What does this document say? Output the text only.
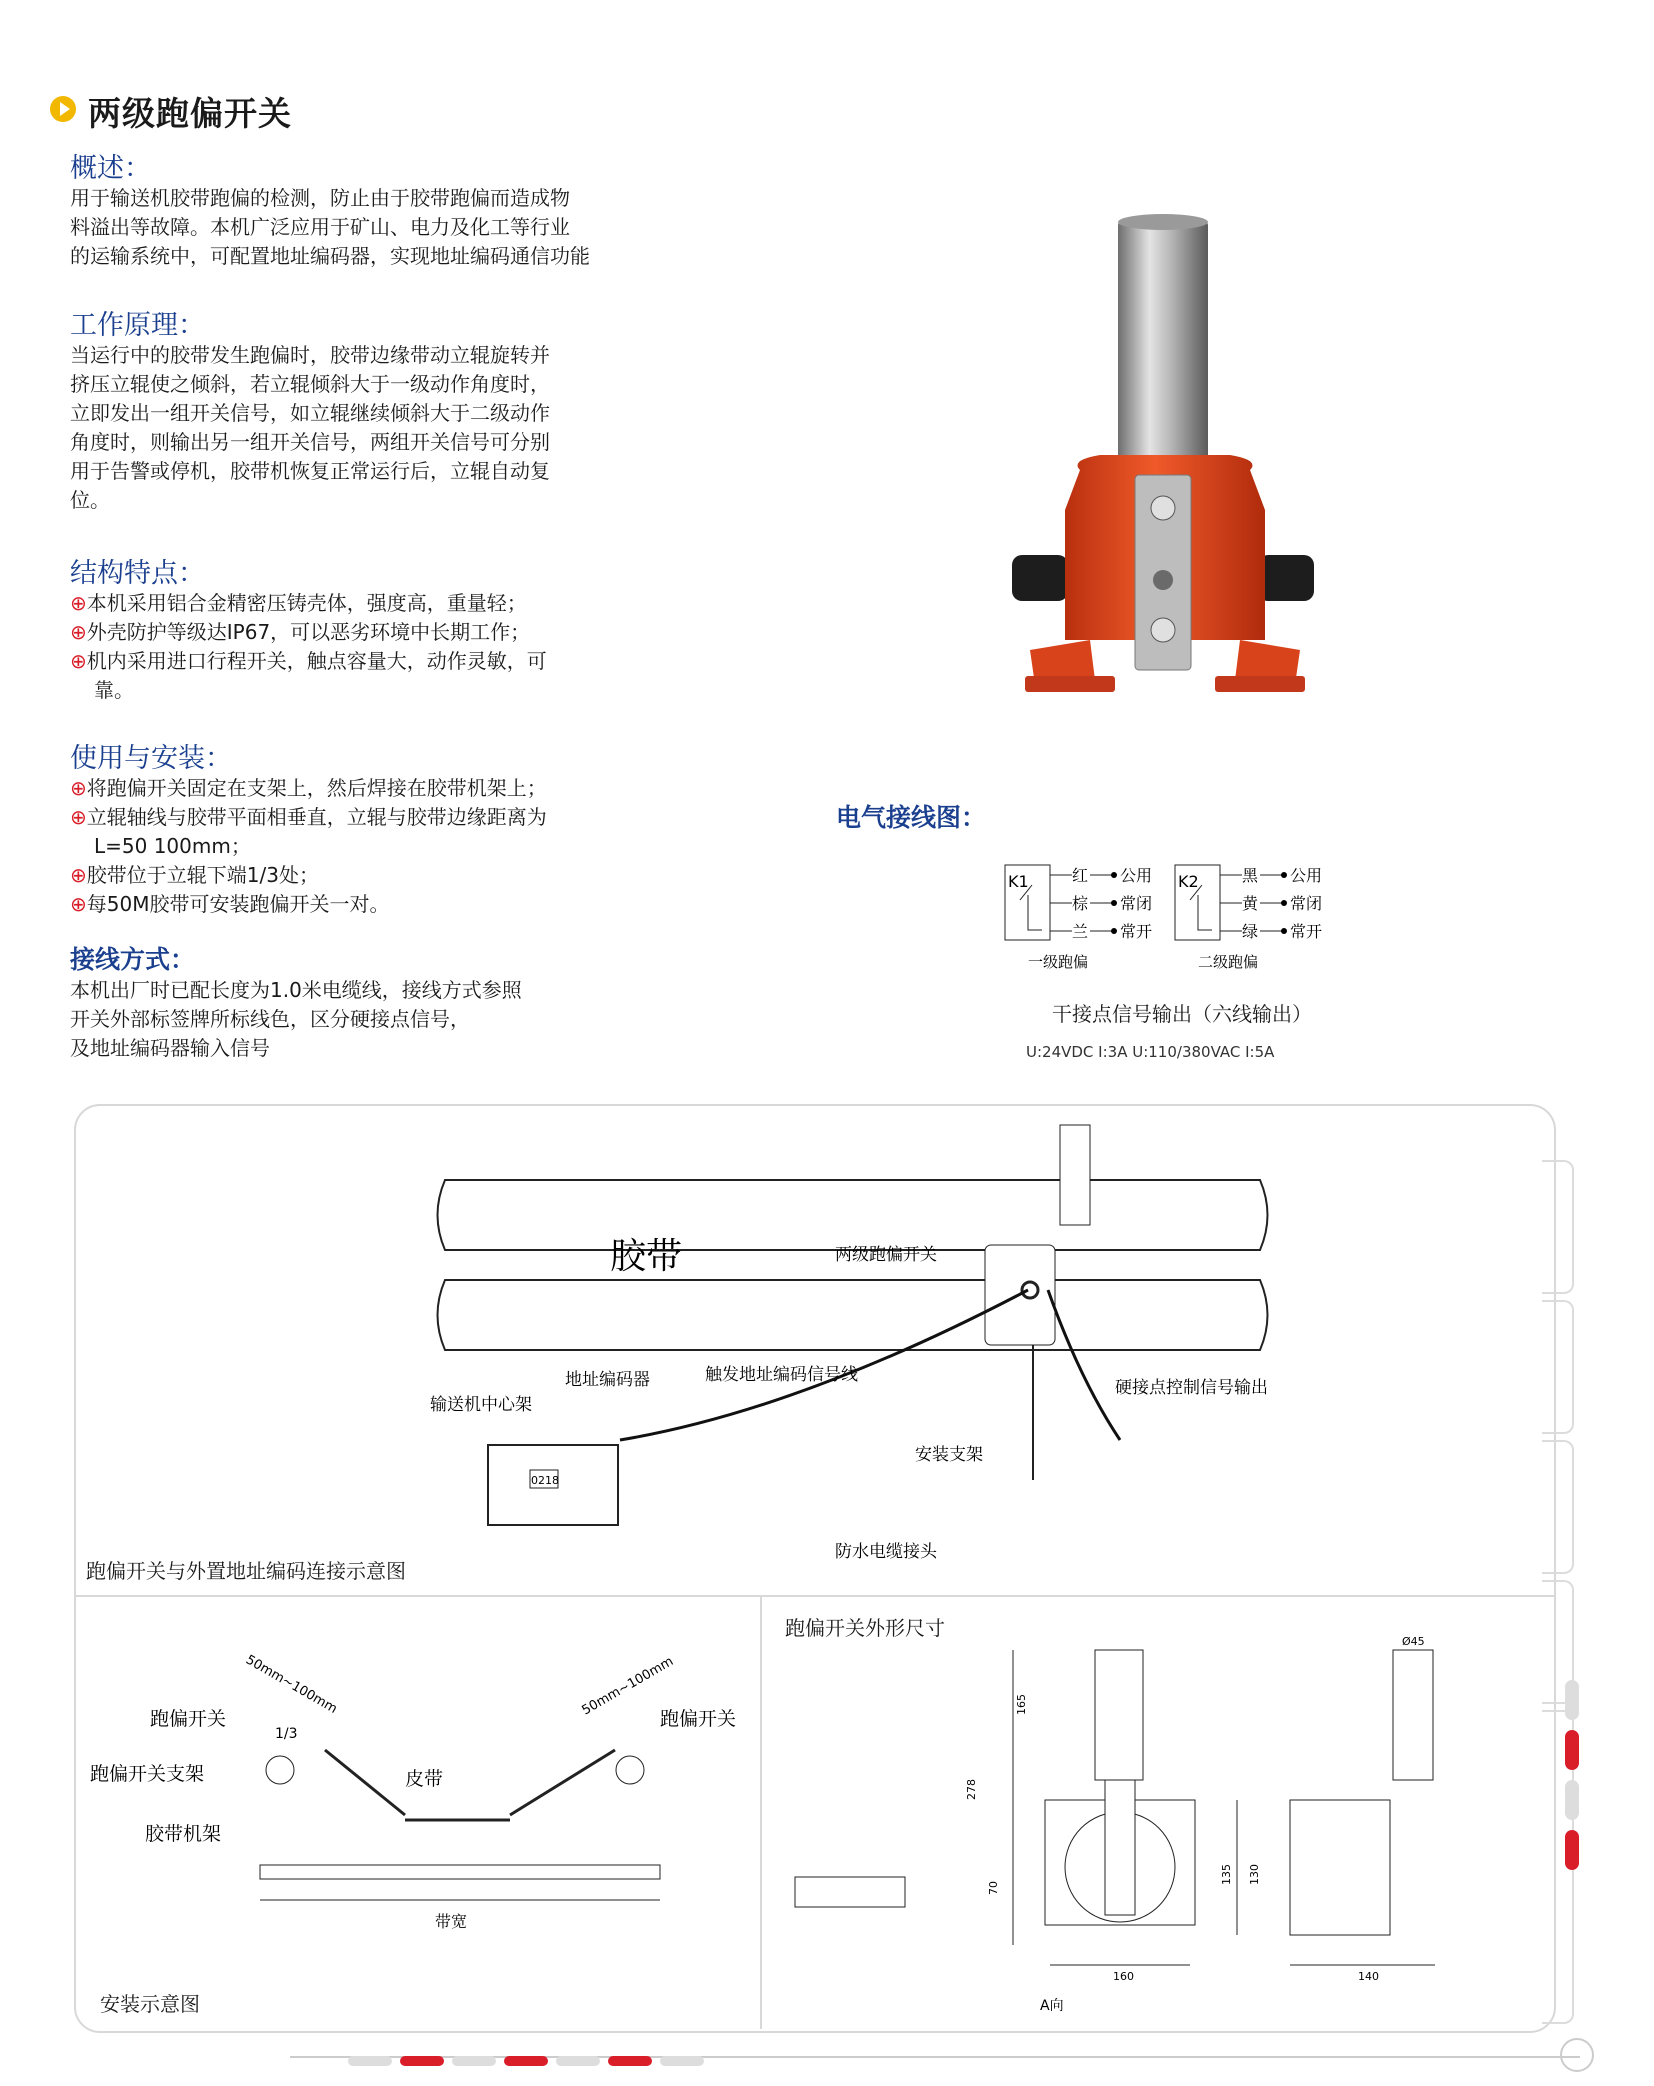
两级跑偏开关
概述：
用于输送机胶带跑偏的检测，防止由于胶带跑偏而造成物
料溢出等故障。本机广泛应用于矿山、电力及化工等行业
的运输系统中，可配置地址编码器，实现地址编码通信功能
工作原理：
当运行中的胶带发生跑偏时，胶带边缘带动立辊旋转并
挤压立辊使之倾斜，若立辊倾斜大于一级动作角度时，
立即发出一组开关信号，如立辊继续倾斜大于二级动作
角度时，则输出另一组开关信号，两组开关信号可分别
用于告警或停机，胶带机恢复正常运行后，立辊自动复
位。
结构特点：
⊕本机采用铝合金精密压铸壳体，强度高，重量轻；
⊕外壳防护等级达IP67，可以恶劣环境中长期工作；
⊕机内采用进口行程开关，触点容量大，动作灵敏，可
靠。
使用与安装：
⊕将跑偏开关固定在支架上，然后焊接在胶带机架上；
⊕立辊轴线与胶带平面相垂直，立辊与胶带边缘距离为
L=50 100mm；
⊕胶带位于立辊下端1/3处；
⊕每50M胶带可安装跑偏开关一对。
接线方式：
本机出厂时已配长度为1.0米电缆线，接线方式参照
开关外部标签牌所标线色，区分硬接点信号，
及地址编码器输入信号
电气接线图：
K1	红
棕
兰
公用
常闭
常开
一级跑偏
K2	黑
黄
绿
公用
常闭
常开
二级跑偏
干接点信号输出（六线输出）
U:24VDC I:3A U:110/380VAC I:5A
胶带
0218
两级跑偏开关
地址编码器	触发地址编码信号线
硬接点控制信号输出
输送机中心架
安装支架
防水电缆接头
跑偏开关与外置地址编码连接示意图
50mm~100mm	50mm~100mm
1/3
跑偏开关	跑偏开关
跑偏开关支架	皮带
胶带机架
带宽
安装示意图
跑偏开关外形尺寸
165
278
70
160
A向
Ø45
135 130
140
